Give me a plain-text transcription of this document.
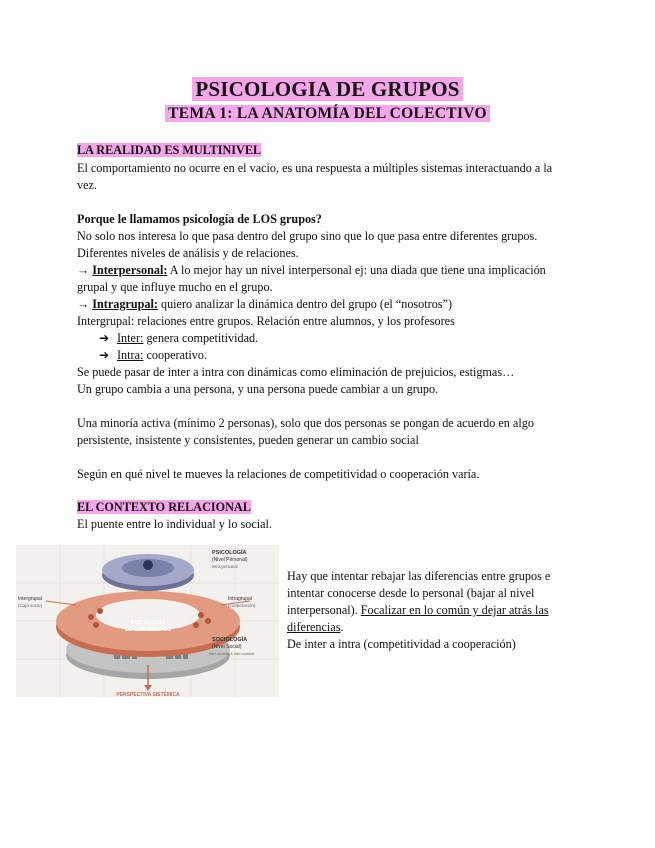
PSICOLOGIA DE GRUPOS
TEMA 1: LA ANATOMÍA DEL COLECTIVO
LA REALIDAD ES MULTINIVEL
El comportamiento no ocurre en el vacío, es una respuesta a múltiples sistemas interactuando a la
vez.
Porque le llamamos psicología de LOS grupos?
No solo nos interesa lo que pasa dentro del grupo sino que lo que pasa entre diferentes grupos.
Diferentes niveles de análisis y de relaciones.
→ Interpersonal: A lo mejor hay un nivel interpersonal ej: una diada que tiene una implicación
grupal y que influye mucho en el grupo.
→ Intragrupal: quiero analizar la dinámica dentro del grupo (el “nosotros”)
Intergrupal: relaciones entre grupos. Relación entre alumnos, y los profesores
➔ Inter: genera competitividad.
➔ Intra: cooperativo.
Se puede pasar de inter a intra con dinámicas como eliminación de prejuicios, estigmas…
Un grupo cambia a una persona, y una persona puede cambiar a un grupo.
Una minoría activa (mínimo 2 personas), solo que dos personas se pongan de acuerdo en algo
persistente, insistente y consistentes, pueden generar un cambio social
Según en qué nivel te mueves la relaciones de competitividad o cooperación varía.
EL CONTEXTO RELACIONAL
El puente entre lo individual y lo social.
PSICOLOGÍA
(Nivel Personal)
intra-personal
Intergrupal
(Caja socio)
Intragrupal
(cooperación)
PSICOLOGÍA
DE LOS GRUPOS
SOCIOLOGÍA
(Nivel Social)
inter-societal & inter-societal
PERSPECTIVA SISTÉMICA
Hay que intentar rebajar las diferencias entre grupos e
intentar conocerse desde lo personal (bajar al nivel
interpersonal). Focalizar en lo común y dejar atrás las
diferencias.
De inter a intra (competitividad a cooperación)
